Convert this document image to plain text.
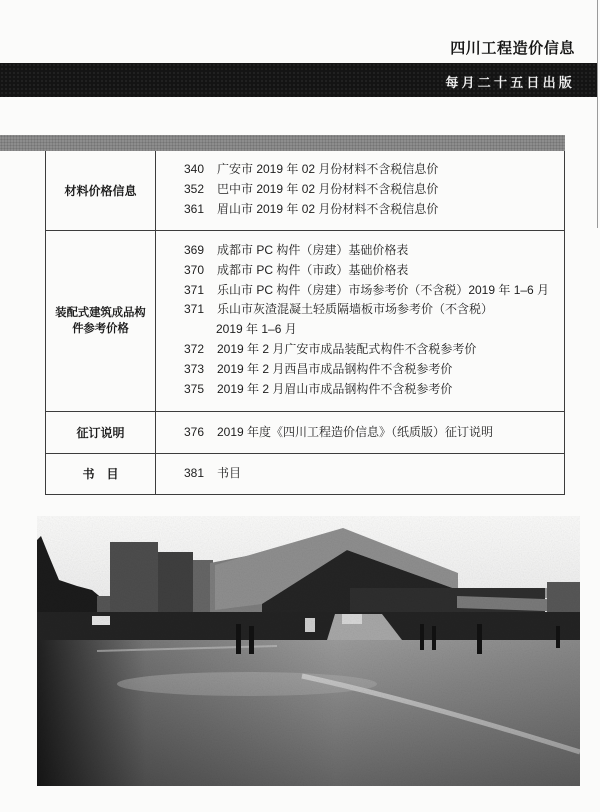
四川工程造价信息
每月二十五日出版
材料价格信息
340 广安市 2019 年 02 月份材料不含税信息价
352 巴中市 2019 年 02 月份材料不含税信息价
361 眉山市 2019 年 02 月份材料不含税信息价
装配式建筑成品构
件参考价格
369 成都市 PC 构件（房建）基础价格表
370 成都市 PC 构件（市政）基础价格表
371 乐山市 PC 构件（房建）市场参考价（不含税）2019 年 1–6 月
371 乐山市灰渣混凝土轻质隔墙板市场参考价（不含税）
2019 年 1–6 月
372 2019 年 2 月广安市成品装配式构件不含税参考价
373 2019 年 2 月西昌市成品钢构件不含税参考价
375 2019 年 2 月眉山市成品钢构件不含税参考价
征订说明	376 2019 年度《四川工程造价信息》（纸质版）征订说明
书　目	381 书目
